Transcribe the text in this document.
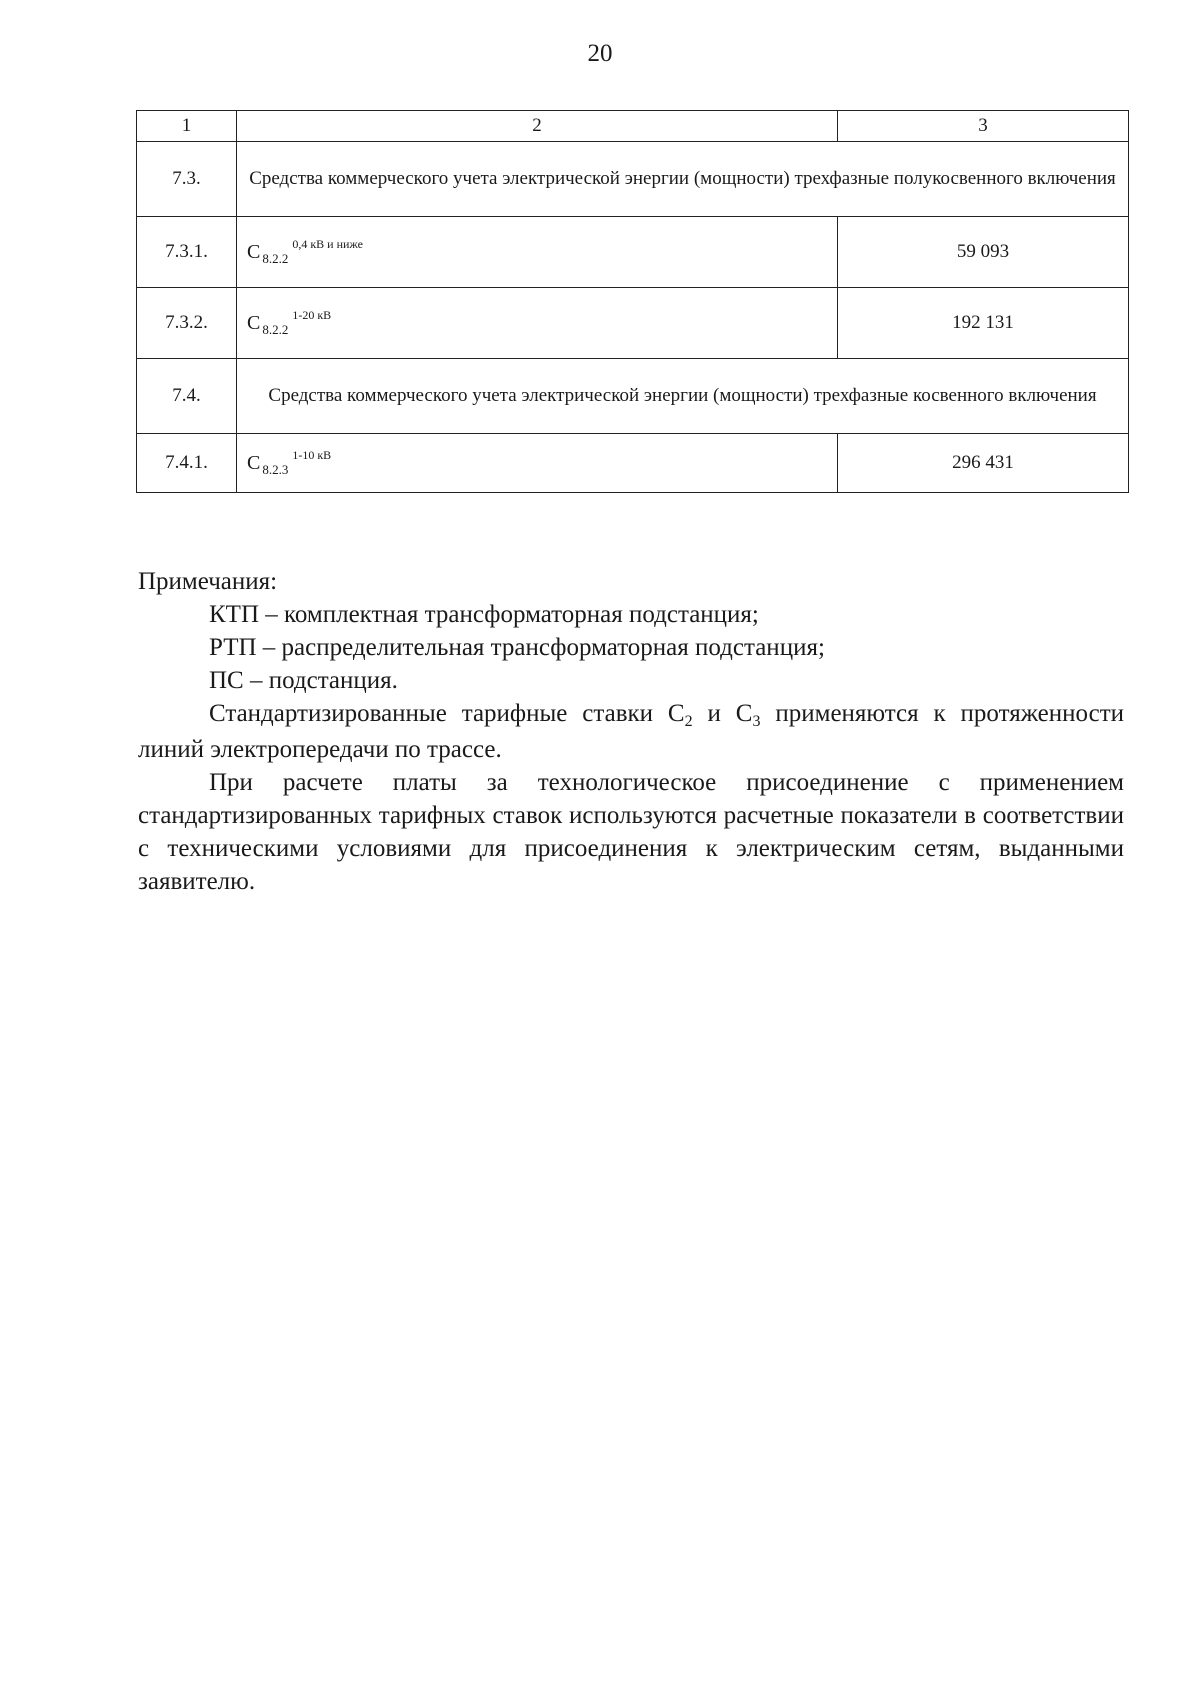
20
1	2	3
7.3.	Средства коммерческого учета электрической энергии (мощности) трехфазные полукосвенного включения	
7.3.1.	С $_{8.2.2}^{0,4 кВ и ниже}$	59 093
7.3.2.	С $_{8.2.2}^{1-20 кВ}$	192 131
7.4.	Средства коммерческого учета электрической энергии (мощности) трехфазные косвенного включения	
7.4.1.	С $_{8.2.3}^{1-10 кВ}$	296 431

Примечания:

КТП – комплектная трансформаторная подстанция;

РТП – распределительная трансформаторная подстанция;

ПС – подстанция.

Стандартизированные тарифные ставки $С_2$ и $С_3$ применяются к протяженности линий электропередачи по трассе.

При расчете платы за технологическое присоединение с применением стандартизированных тарифных ставок используются расчетные показатели в соответствии с техническими условиями для присоединения к электрическим сетям, выданными заявителю.
